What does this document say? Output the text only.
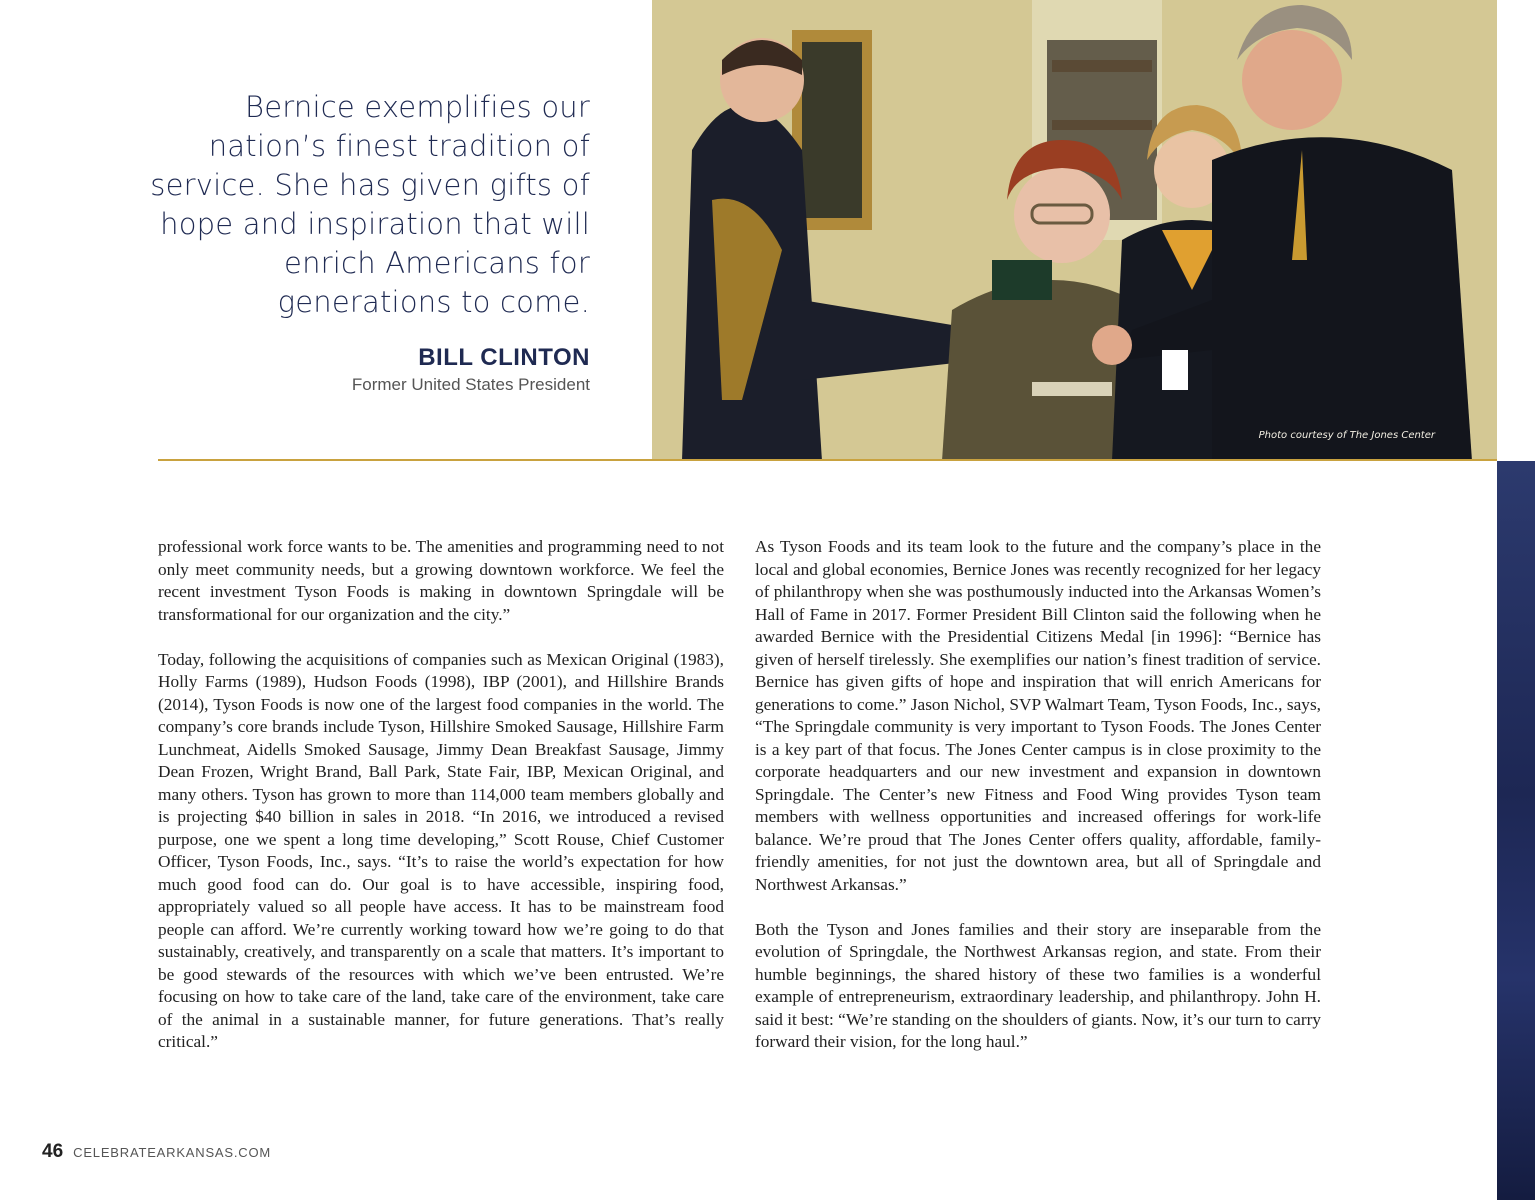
Bernice exemplifies our nation’s finest tradition of service. She has given gifts of hope and inspiration that will enrich Americans for generations to come.
BILL CLINTON
Former United States President
Photo courtesy of The Jones Center

professional work force wants to be. The amenities and programming need to not only meet community needs, but a growing downtown workforce. We feel the recent investment Tyson Foods is making in downtown Springdale will be transformational for our organization and the city.”

Today, following the acquisitions of companies such as Mexican Original (1983), Holly Farms (1989), Hudson Foods (1998), IBP (2001), and Hillshire Brands (2014), Tyson Foods is now one of the largest food companies in the world. The company’s core brands include Tyson, Hillshire Smoked Sausage, Hillshire Farm Lunchmeat, Aidells Smoked Sausage, Jimmy Dean Breakfast Sausage, Jimmy Dean Frozen, Wright Brand, Ball Park, State Fair, IBP, Mexican Original, and many others. Tyson has grown to more than 114,000 team members globally and is projecting $40 billion in sales in 2018. “In 2016, we introduced a revised purpose, one we spent a long time developing,” Scott Rouse, Chief Customer Officer, Tyson Foods, Inc., says. “It’s to raise the world’s expectation for how much good food can do. Our goal is to have accessible, inspiring food, appropriately valued so all people have access. It has to be mainstream food people can afford. We’re currently working toward how we’re going to do that sustainably, creatively, and transparently on a scale that matters. It’s important to be good stewards of the resources with which we’ve been entrusted. We’re focusing on how to take care of the land, take care of the environment, take care of the animal in a sustainable manner, for future generations. That’s really critical.”

As Tyson Foods and its team look to the future and the company’s place in the local and global economies, Bernice Jones was recently recognized for her legacy of philanthropy when she was posthumously inducted into the Arkansas Women’s Hall of Fame in 2017. Former President Bill Clinton said the following when he awarded Bernice with the Presidential Citizens Medal [in 1996]: “Bernice has given of herself tirelessly. She exemplifies our nation’s finest tradition of service. Bernice has given gifts of hope and inspiration that will enrich Americans for generations to come.” Jason Nichol, SVP Walmart Team, Tyson Foods, Inc., says, “The Springdale community is very important to Tyson Foods. The Jones Center is a key part of that focus. The Jones Center campus is in close proximity to the corporate headquarters and our new investment and expansion in downtown Springdale. The Center’s new Fitness and Food Wing provides Tyson team members with wellness opportunities and increased offerings for work-life balance. We’re proud that The Jones Center offers quality, affordable, family-friendly amenities, for not just the downtown area, but all of Springdale and Northwest Arkansas.”

Both the Tyson and Jones families and their story are inseparable from the evolution of Springdale, the Northwest Arkansas region, and state. From their humble beginnings, the shared history of these two families is a wonderful example of entrepreneurism, extraordinary leadership, and philanthropy. John H. said it best: “We’re standing on the shoulders of giants. Now, it’s our turn to carry forward their vision, for the long haul.”

46 CELEBRATEARKANSAS.COM
